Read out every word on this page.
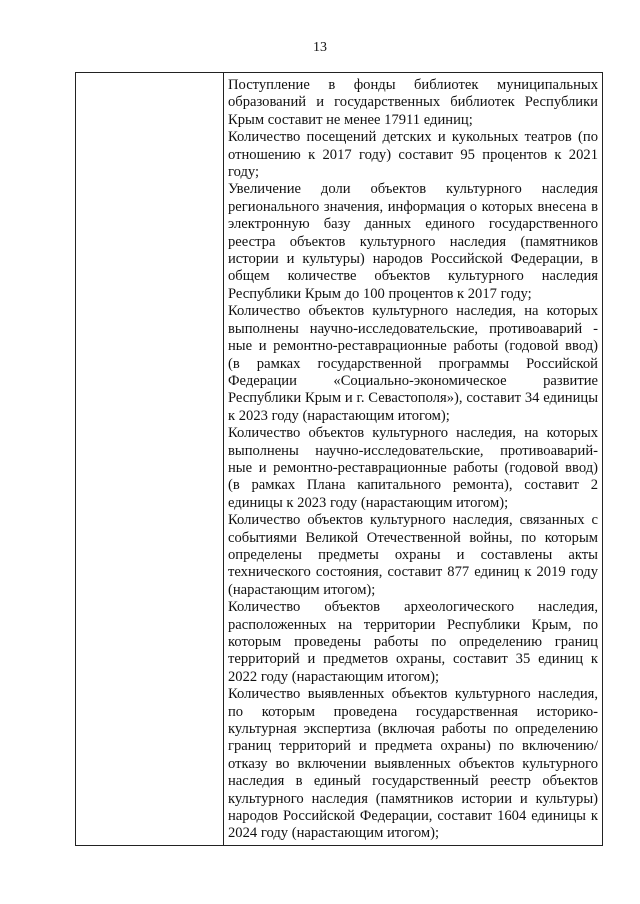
13

Поступление в фонды библиотек муниципальных образований и государственных библиотек Республики Крым составит не менее 17911 единиц;

Количество посещений детских и кукольных театров (по отношению к 2017 году) составит 95 процентов к 2021 году;

Увеличение доли объектов культурного наследия регионального значения, информация о которых внесена в электронную базу данных единого государственного реестра объектов культурного наследия (памятников истории и культуры) народов Российской Федерации, в общем количестве объектов культурного наследия Республики Крым до 100 процентов к 2017 году;

Количество объектов культурного наследия, на которых выполнены научно-исследовательские, противоаварий - ные и ремонтно-реставрационные работы (годовой ввод) (в рамках государственной программы Российской Федерации «Социально-экономическое развитие Республики Крым и г. Севастополя»), составит 34 единицы к 2023 году (нарастающим итогом);

Количество объектов культурного наследия, на которых выполнены научно-исследовательские, противоаварий- ные и ремонтно-реставрационные работы (годовой ввод) (в рамках Плана капитального ремонта), составит 2 единицы к 2023 году (нарастающим итогом);

Количество объектов культурного наследия, связанных с событиями Великой Отечественной войны, по которым определены предметы охраны и составлены акты технического состояния, составит 877 единиц к 2019 году (нарастающим итогом);

Количество объектов археологического наследия, расположенных на территории Республики Крым, по которым проведены работы по определению границ территорий и предметов охраны, составит 35 единиц к 2022 году (нарастающим итогом);

Количество выявленных объектов культурного наследия, по которым проведена государственная историко-культурная экспертиза (включая работы по определению границ территорий и предмета охраны) по включению/отказу во включении выявленных объектов культурного наследия в единый государственный реестр объектов культурного наследия (памятников истории и культуры) народов Российской Федерации, составит 1604 единицы к 2024 году (нарастающим итогом);
